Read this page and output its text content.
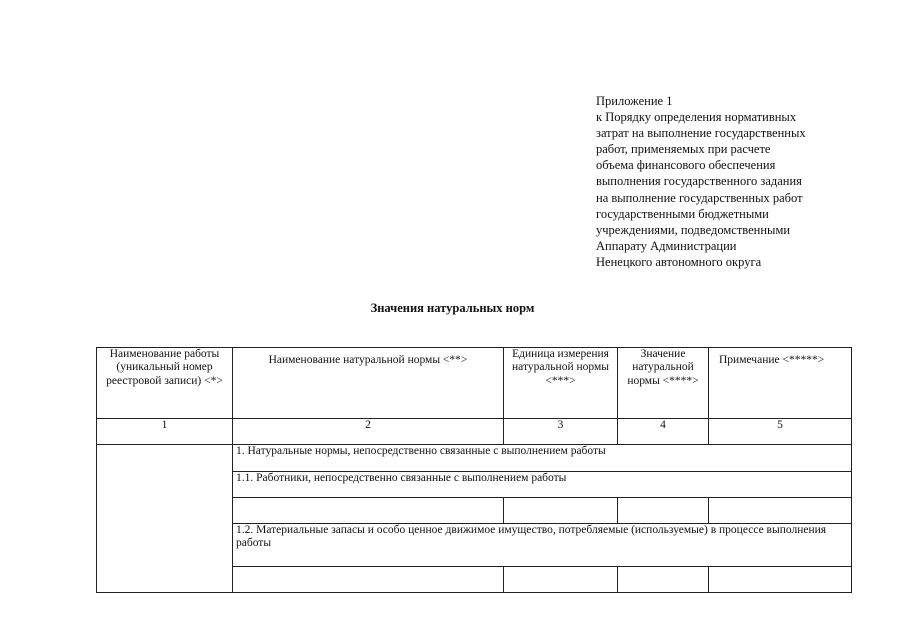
Приложение 1
к Порядку определения нормативных
затрат на выполнение государственных
работ, применяемых при расчете
объема финансового обеспечения
выполнения государственного задания
на выполнение государственных работ
государственными бюджетными
учреждениями, подведомственными
Аппарату Администрации
Ненецкого автономного округа
Значения натуральных норм
Наименование работы (уникальный номер реестровой записи) <*>	Наименование натуральной нормы <**>	Единица измерения натуральной нормы <***>	Значение натуральной нормы <****>	Примечание <*****>
1	2	3	4	5
	1. Натуральные нормы, непосредственно связанные с выполнением работы			
	1.1. Работники, непосредственно связанные с выполнением работы			

	1.2. Материальные запасы и особо ценное движимое имущество, потребляемые (используемые) в процессе выполнения работы			
